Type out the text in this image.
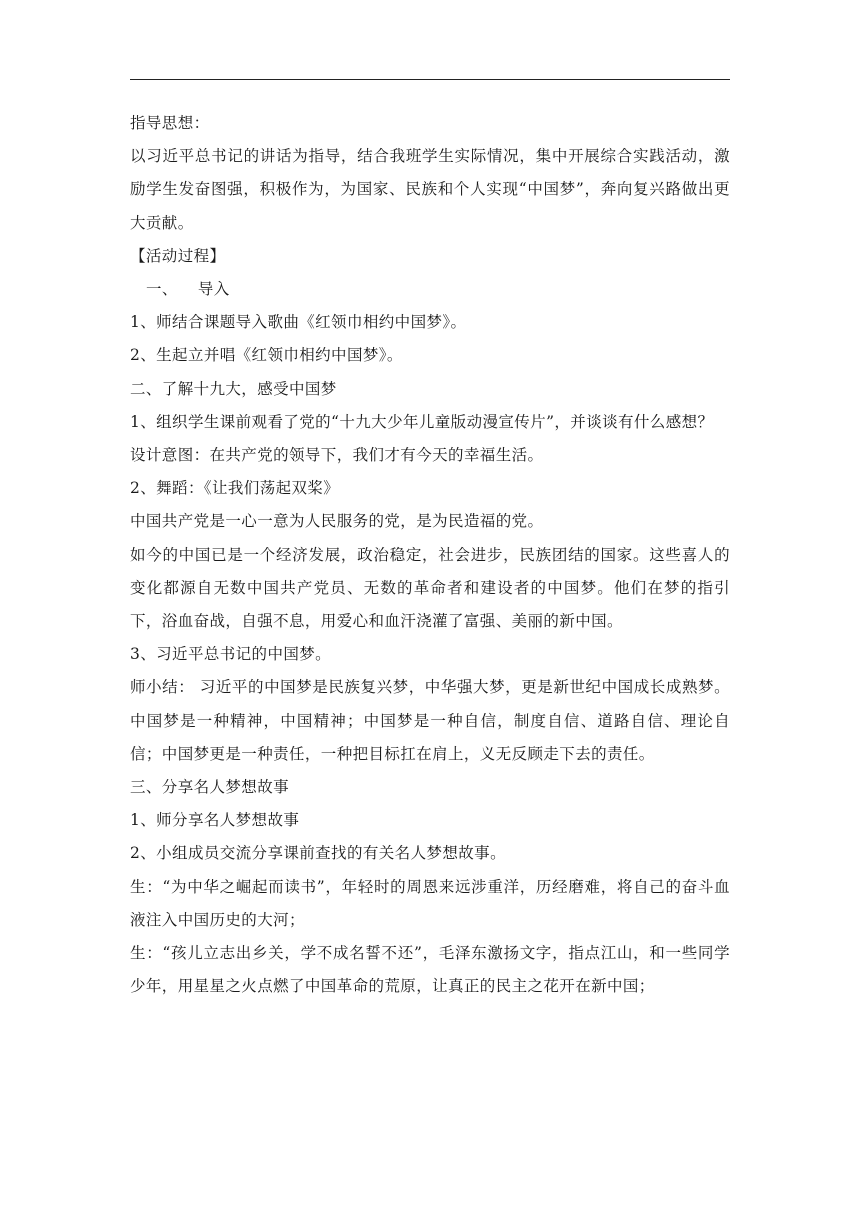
指导思想：

以习近平总书记的讲话为指导，结合我班学生实际情况，集中开展综合实践活动，激励学生发奋图强，积极作为，为国家、民族和个人实现“中国梦”，奔向复兴路做出更大贡献。

【活动过程】

一、 导入

1、师结合课题导入歌曲《红领巾相约中国梦》。

2、生起立并唱《红领巾相约中国梦》。

二、了解十九大，感受中国梦

1、组织学生课前观看了党的“十九大少年儿童版动漫宣传片”，并谈谈有什么感想？

设计意图：在共产党的领导下，我们才有今天的幸福生活。

2、舞蹈：《让我们荡起双桨》

中国共产党是一心一意为人民服务的党，是为民造福的党。

如今的中国已是一个经济发展，政治稳定，社会进步，民族团结的国家。这些喜人的变化都源自无数中国共产党员、无数的革命者和建设者的中国梦。他们在梦的指引下，浴血奋战，自强不息，用爱心和血汗浇灌了富强、美丽的新中国。

3、习近平总书记的中国梦。

师小结： 习近平的中国梦是民族复兴梦，中华强大梦，更是新世纪中国成长成熟梦。中国梦是一种精神，中国精神；中国梦是一种自信，制度自信、道路自信、理论自信；中国梦更是一种责任，一种把目标扛在肩上，义无反顾走下去的责任。

三、分享名人梦想故事

1、师分享名人梦想故事

2、小组成员交流分享课前查找的有关名人梦想故事。

生：“为中华之崛起而读书”，年轻时的周恩来远涉重洋，历经磨难，将自己的奋斗血液注入中国历史的大河；

生：“孩儿立志出乡关，学不成名誓不还”，毛泽东激扬文字，指点江山，和一些同学少年，用星星之火点燃了中国革命的荒原，让真正的民主之花开在新中国；
